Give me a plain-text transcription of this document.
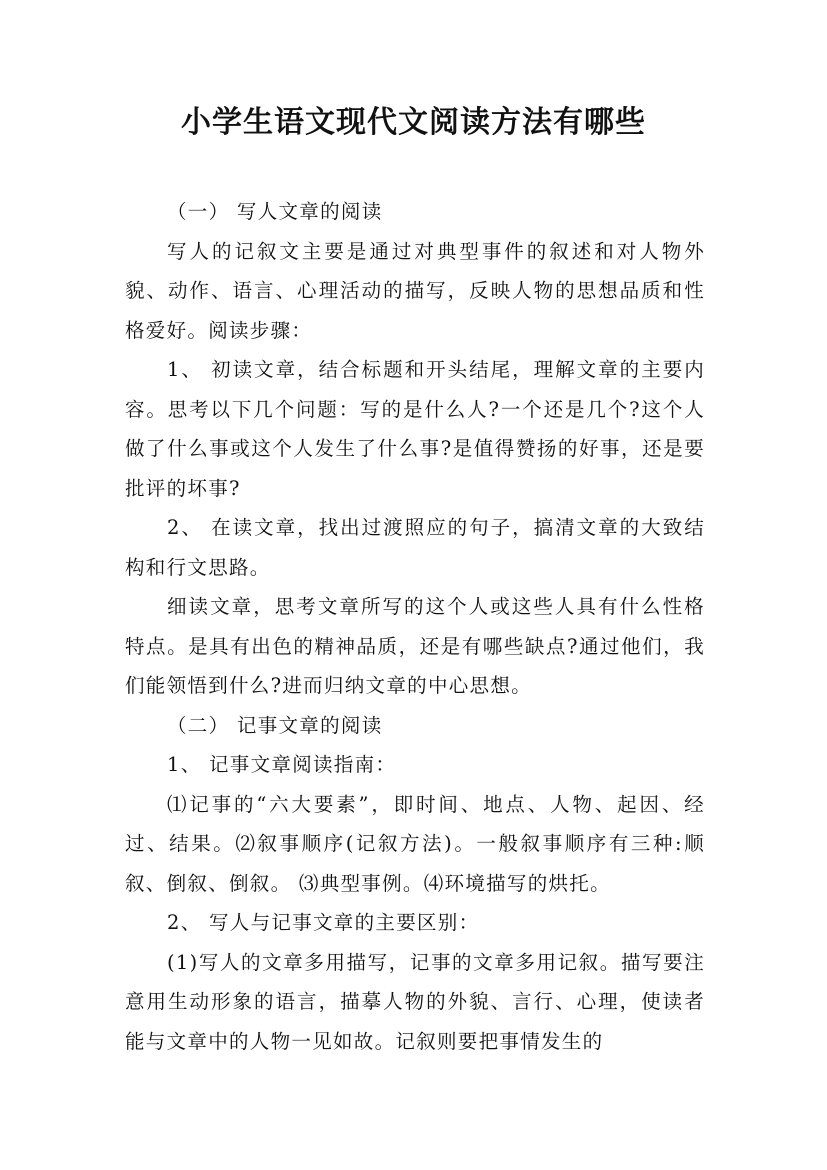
小学生语文现代文阅读方法有哪些

（一） 写人文章的阅读

写人的记叙文主要是通过对典型事件的叙述和对人物外貌、动作、语言、心理活动的描写，反映人物的思想品质和性格爱好。阅读步骤：

1、 初读文章，结合标题和开头结尾，理解文章的主要内容。思考以下几个问题：写的是什么人?一个还是几个?这个人做了什么事或这个人发生了什么事?是值得赞扬的好事，还是要批评的坏事?

2、 在读文章，找出过渡照应的句子，搞清文章的大致结构和行文思路。

细读文章，思考文章所写的这个人或这些人具有什么性格特点。是具有出色的精神品质，还是有哪些缺点?通过他们，我们能领悟到什么?进而归纳文章的中心思想。

（二） 记事文章的阅读

1、 记事文章阅读指南：

⑴记事的“六大要素”，即时间、地点、人物、起因、经过、结果。⑵叙事顺序(记叙方法)。一般叙事顺序有三种:顺叙、倒叙、倒叙。 ⑶典型事例。⑷环境描写的烘托。

2、 写人与记事文章的主要区别：

(1)写人的文章多用描写，记事的文章多用记叙。描写要注意用生动形象的语言，描摹人物的外貌、言行、心理，使读者能与文章中的人物一见如故。记叙则要把事情发生的
